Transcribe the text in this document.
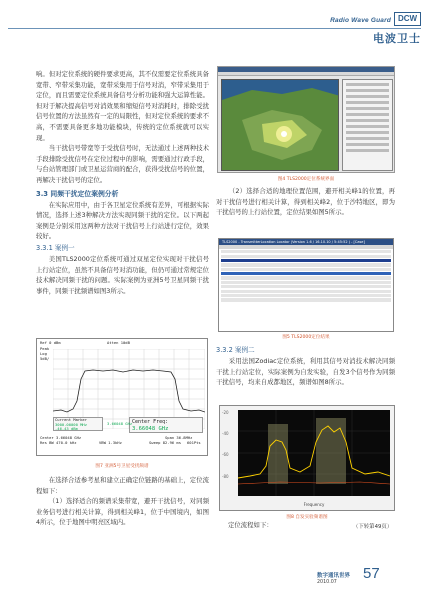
Radio Wave Guard DCW
电波卫士

响。但对定位系统的硬件要求更高，其不仅需要定位系统具备宽带、窄带采集功能，宽带采集用于信号对消，窄带采集用于定位，而且需要定位系统具备信号分析功能和强大运算性能。但对于解决提高信号对消效果和缩短信号对消耗时，排除受扰信号位置的方法虽然有一定的局限性，但对定位系统的要求不高，不需要具备更多地功能模块，传统的定位系统就可以实现。

当干扰信号带宽等于受扰信号时，无法通过上述两种技术手段排除受扰信号在定位过程中的影响，需要通过行政手段，与台站管理部门或卫星运营商的配合，获得受扰信号的位置，再解决干扰信号的定位。

3.3 同频干扰定位案例分析

在实际应用中，由于各卫星定位系统有差异，可根据实际情况，选择上述3种解决方法实现同频干扰的定位。以下两起案例是分别采用这两种方法对干扰信号上行站进行定位，效果较好。

3.3.1 案例一

美国TLS2000定位系统可通过双星定位实现对干扰信号上行站定位，虽然不具备信号对消功能，但仍可通过常规定位技术解决同频干扰的问题。实际案例为亚洲5号卫星同频干扰事件，同频干扰频谱如图3所示。

Ref 0 dBm	Atten 10dB
Peak
Log
5dB/
Current Marker
3000.00000 MHz
-46.43 dBm
Center Freq:
3.66048 GHz
3.66048 GHz
Center 3.66048 GHz	Span 36.8MHz
Res BW 470.0 kHz	VBW 1.3kHz	Sweep 82.96 ms 601Pts
图7 亚洲5号卫星受扰频谱

在选择合适参考星和建立正确定位链路的基础上，定位流程如下：

（1）选择适合的频谱采集带宽，避开干扰信号，对同频业务信号进行相关计算，得到相关峰1，位于中国境内，如图4所示，位于地图中明亮区域内。

图4 TLS2000定位系统界面

（2）选择合适的地理位置范围，避开相关峰1的位置，再对干扰信号进行相关计算，得到相关峰2，位于沙特地区，即为干扰信号的上行站位置，定位结果如图5所示。

TLS2000 - TransmitterLocation Locator (Version 1.6 / 16.10.10 / 5:45:52 ) - [Case]
图5 TLS2000定位结果
3.3.2 案例二

采用法国Zodiac定位系统，利用其信号对消技术解决同频干扰上行站定位，实际案例为自发实验，自发3个信号作为同频干扰信号，均来自成都地区，频谱如图8所示。

-20
-40
-60
-80
Frequency
图8 自发实验频谱图

定位流程如下：	（下转第49页）
数字通讯世界
2010.07
57
